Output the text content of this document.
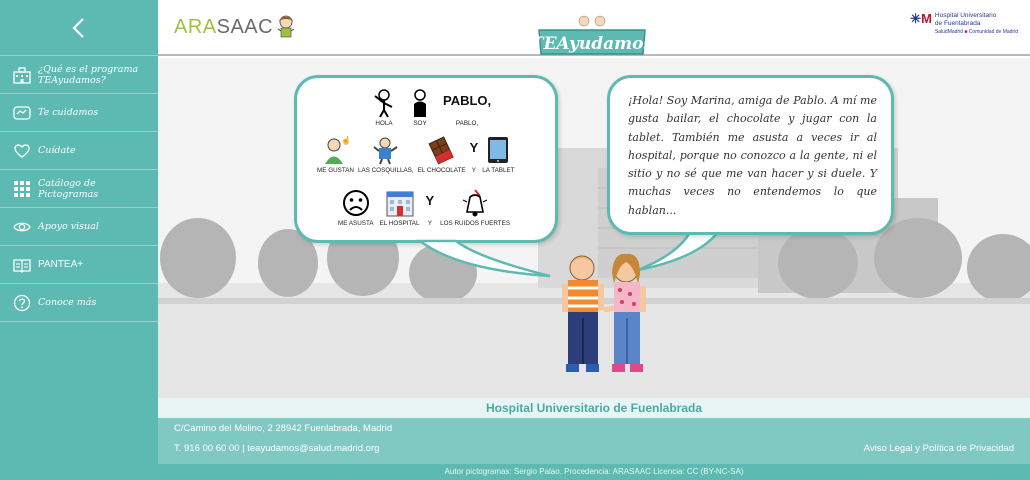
¿Qué es el programa TEAyudamos?
Te cuidamos
Cuídate
Catálogo de Pictogramas
Apoyo visual
PANTEA+
Conoce más
ARASAAC
TEAyudamos
✳M Hospital Universitario
de Fuenlabrada
SaludMadrid ■ Comunidad de Madrid
HOLA	SOY
PABLO,
PABLO,
☝
ME GUSTAN LAS COSQUILLAS, EL CHOCOLATE
Y
Y LA TABLET
ME ASUSTA EL HOSPITAL
Y
Y LOS RUIDOS FUERTES

¡Hola! Soy Marina, amiga de Pablo. A mí me gusta bailar, el chocolate y jugar con la tablet. También me asusta a veces ir al hospital, porque no conozco a la gente, ni el sitio y no sé que me van hacer y si duele. Y muchas veces no entendemos lo que hablan...

Hospital Universitario de Fuenlabrada
C/Camino del Molino, 2 28942 Fuenlabrada, Madrid
T. 916 00 60 00 | teayudamos@salud.madrid.org	Aviso Legal y Política de Privacidad
Autor pictogramas: Sergio Palao. Procedencia: ARASAAC Licencia: CC (BY-NC-SA)
